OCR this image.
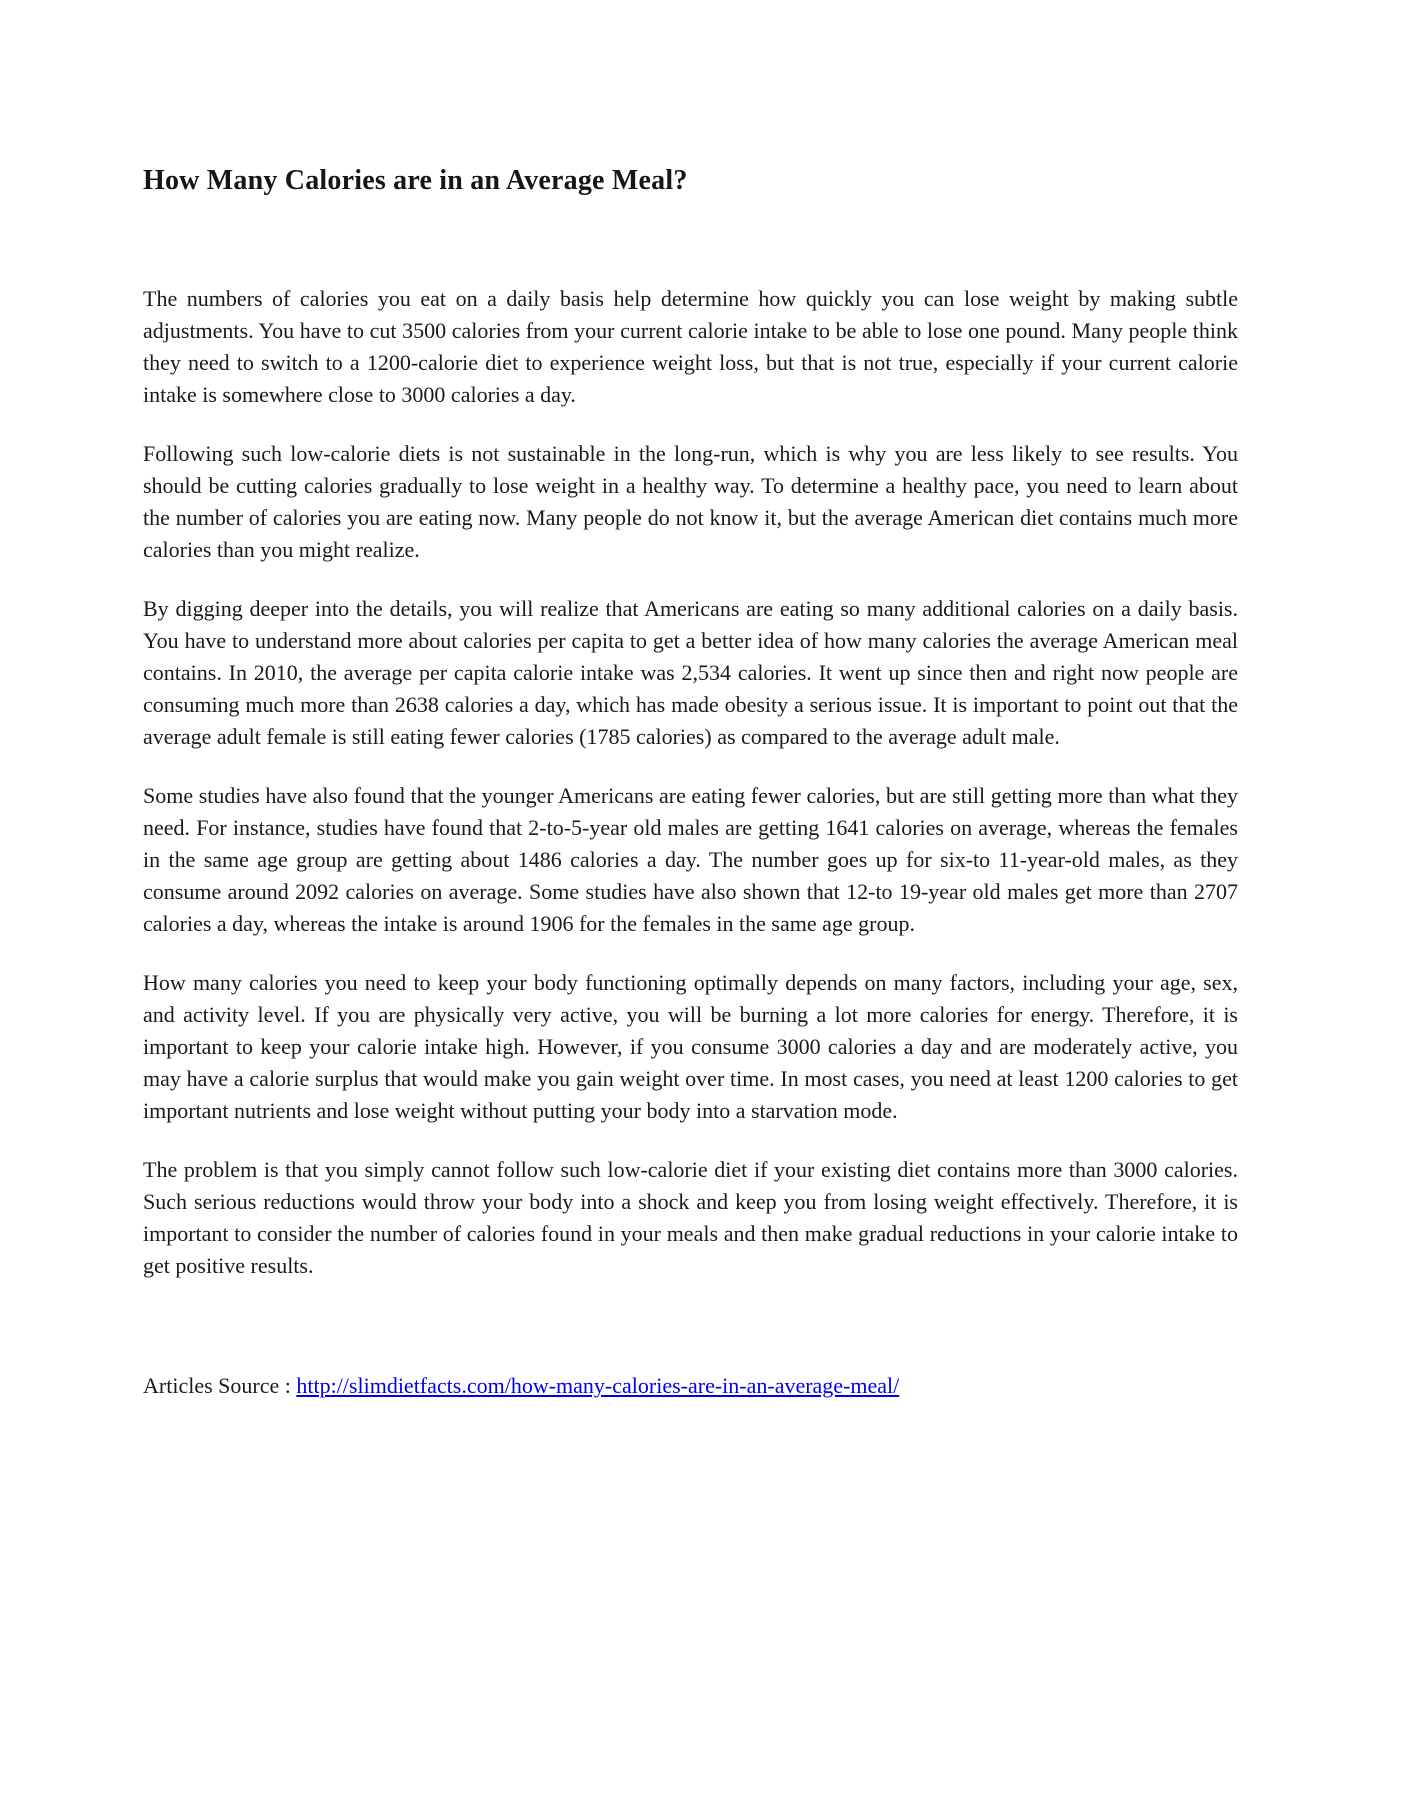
How Many Calories are in an Average Meal?

The numbers of calories you eat on a daily basis help determine how quickly you can lose weight by making subtle adjustments. You have to cut 3500 calories from your current calorie intake to be able to lose one pound. Many people think they need to switch to a 1200-calorie diet to experience weight loss, but that is not true, especially if your current calorie intake is somewhere close to 3000 calories a day.

Following such low-calorie diets is not sustainable in the long-run, which is why you are less likely to see results. You should be cutting calories gradually to lose weight in a healthy way. To determine a healthy pace, you need to learn about the number of calories you are eating now. Many people do not know it, but the average American diet contains much more calories than you might realize.

By digging deeper into the details, you will realize that Americans are eating so many additional calories on a daily basis. You have to understand more about calories per capita to get a better idea of how many calories the average American meal contains. In 2010, the average per capita calorie intake was 2,534 calories. It went up since then and right now people are consuming much more than 2638 calories a day, which has made obesity a serious issue. It is important to point out that the average adult female is still eating fewer calories (1785 calories) as compared to the average adult male.

Some studies have also found that the younger Americans are eating fewer calories, but are still getting more than what they need. For instance, studies have found that 2-to-5-year old males are getting 1641 calories on average, whereas the females in the same age group are getting about 1486 calories a day. The number goes up for six-to 11-year-old males, as they consume around 2092 calories on average. Some studies have also shown that 12-to 19-year old males get more than 2707 calories a day, whereas the intake is around 1906 for the females in the same age group.

How many calories you need to keep your body functioning optimally depends on many factors, including your age, sex, and activity level. If you are physically very active, you will be burning a lot more calories for energy. Therefore, it is important to keep your calorie intake high. However, if you consume 3000 calories a day and are moderately active, you may have a calorie surplus that would make you gain weight over time. In most cases, you need at least 1200 calories to get important nutrients and lose weight without putting your body into a starvation mode.

The problem is that you simply cannot follow such low-calorie diet if your existing diet contains more than 3000 calories. Such serious reductions would throw your body into a shock and keep you from losing weight effectively. Therefore, it is important to consider the number of calories found in your meals and then make gradual reductions in your calorie intake to get positive results.

Articles Source : http://slimdietfacts.com/how-many-calories-are-in-an-average-meal/
